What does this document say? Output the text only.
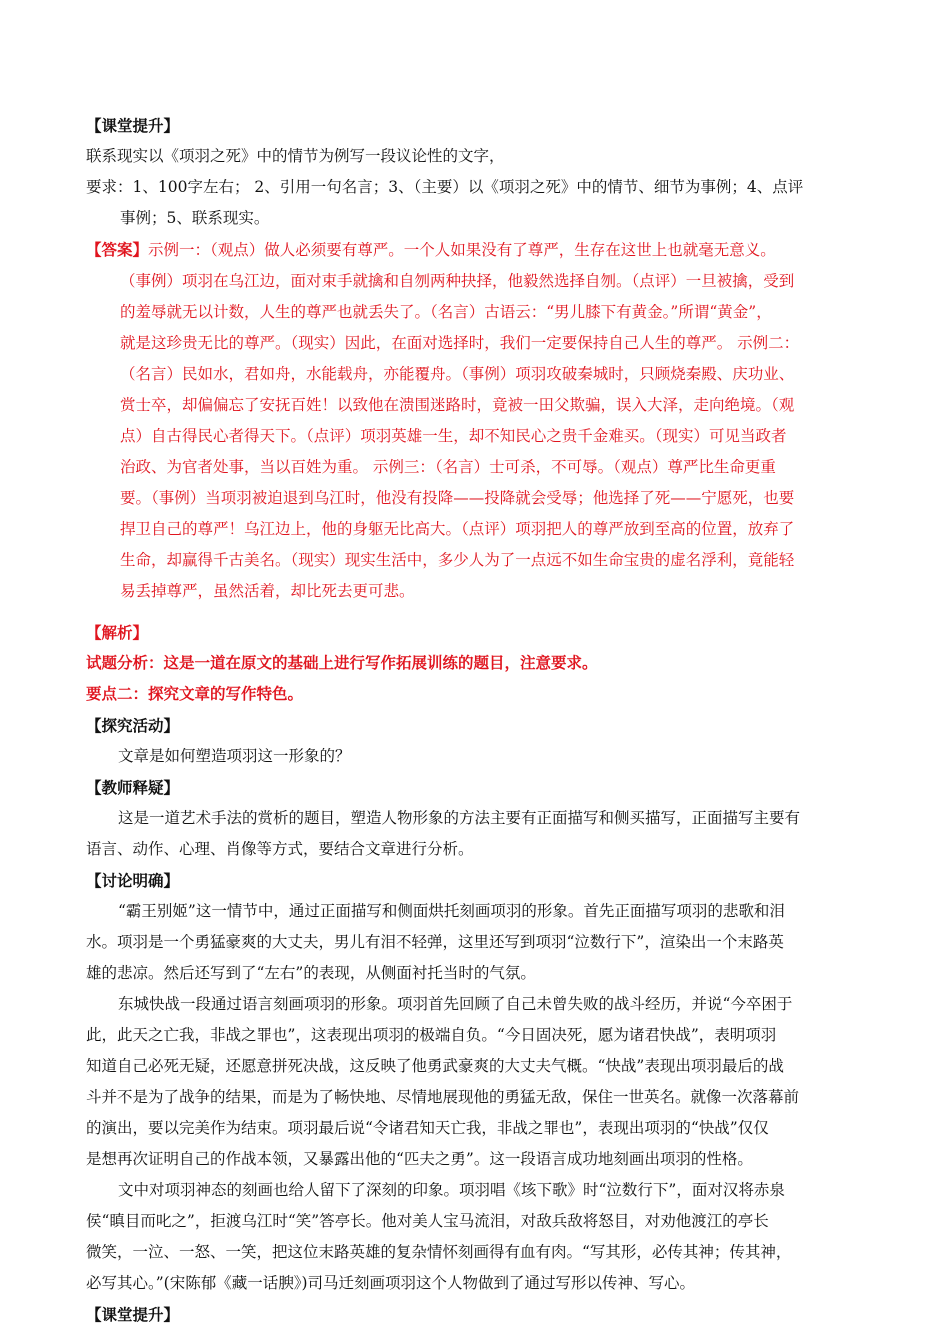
【课堂提升】
联系现实以《项羽之死》中的情节为例写一段议论性的文字，
要求：1、100字左右； 2、引用一句名言；3、（主要）以《项羽之死》中的情节、细节为事例；4、点评
事例；5、联系现实。
【答案】示例一：（观点）做人必须要有尊严。一个人如果没有了尊严，生存在这世上也就毫无意义。
（事例）项羽在乌江边，面对束手就擒和自刎两种抉择，他毅然选择自刎。（点评）一旦被擒，受到
的羞辱就无以计数，人生的尊严也就丢失了。（名言）古语云：“男儿膝下有黄金。”所谓“黄金”，
就是这珍贵无比的尊严。（现实）因此，在面对选择时，我们一定要保持自己人生的尊严。 示例二：
（名言）民如水，君如舟，水能载舟，亦能覆舟。（事例）项羽攻破秦城时，只顾烧秦殿、庆功业、
赏士卒，却偏偏忘了安抚百姓！以致他在溃围迷路时，竟被一田父欺骗，误入大泽，走向绝境。（观
点）自古得民心者得天下。（点评）项羽英雄一生，却不知民心之贵千金难买。（现实）可见当政者
治政、为官者处事，当以百姓为重。 示例三：（名言）士可杀，不可辱。（观点）尊严比生命更重
要。（事例）当项羽被迫退到乌江时，他没有投降——投降就会受辱；他选择了死——宁愿死，也要
捍卫自己的尊严！乌江边上，他的身躯无比高大。（点评）项羽把人的尊严放到至高的位置，放弃了
生命，却赢得千古美名。（现实）现实生活中，多少人为了一点远不如生命宝贵的虚名浮利，竟能轻
易丢掉尊严，虽然活着，却比死去更可悲。
【解析】
试题分析：这是一道在原文的基础上进行写作拓展训练的题目，注意要求。
要点二：探究文章的写作特色。
【探究活动】
文章是如何塑造项羽这一形象的？
【教师释疑】
这是一道艺术手法的赏析的题目，塑造人物形象的方法主要有正面描写和侧买描写，正面描写主要有
语言、动作、心理、肖像等方式，要结合文章进行分析。
【讨论明确】
“霸王别姬”这一情节中，通过正面描写和侧面烘托刻画项羽的形象。首先正面描写项羽的悲歌和泪
水。项羽是一个勇猛豪爽的大丈夫，男儿有泪不轻弹，这里还写到项羽“泣数行下”，渲染出一个末路英
雄的悲凉。然后还写到了“左右”的表现，从侧面衬托当时的气氛。
东城快战一段通过语言刻画项羽的形象。项羽首先回顾了自己未曾失败的战斗经历，并说“今卒困于
此，此天之亡我，非战之罪也”，这表现出项羽的极端自负。“今日固决死，愿为诸君快战”，表明项羽
知道自己必死无疑，还愿意拼死决战，这反映了他勇武豪爽的大丈夫气概。“快战”表现出项羽最后的战
斗并不是为了战争的结果，而是为了畅快地、尽情地展现他的勇猛无敌，保住一世英名。就像一次落幕前
的演出，要以完美作为结束。项羽最后说“令诸君知天亡我，非战之罪也”，表现出项羽的“快战”仅仅
是想再次证明自己的作战本领，又暴露出他的“匹夫之勇”。这一段语言成功地刻画出项羽的性格。
文中对项羽神态的刻画也给人留下了深刻的印象。项羽唱《垓下歌》时“泣数行下”，面对汉将赤泉
侯“瞋目而叱之”，拒渡乌江时“笑”答亭长。他对美人宝马流泪，对敌兵敌将怒目，对劝他渡江的亭长
微笑，一泣、一怒、一笑，把这位末路英雄的复杂情怀刻画得有血有肉。“写其形，必传其神；传其神，
必写其心。”(宋陈郁《藏一话腴》)司马迁刻画项羽这个人物做到了通过写形以传神、写心。
【课堂提升】
